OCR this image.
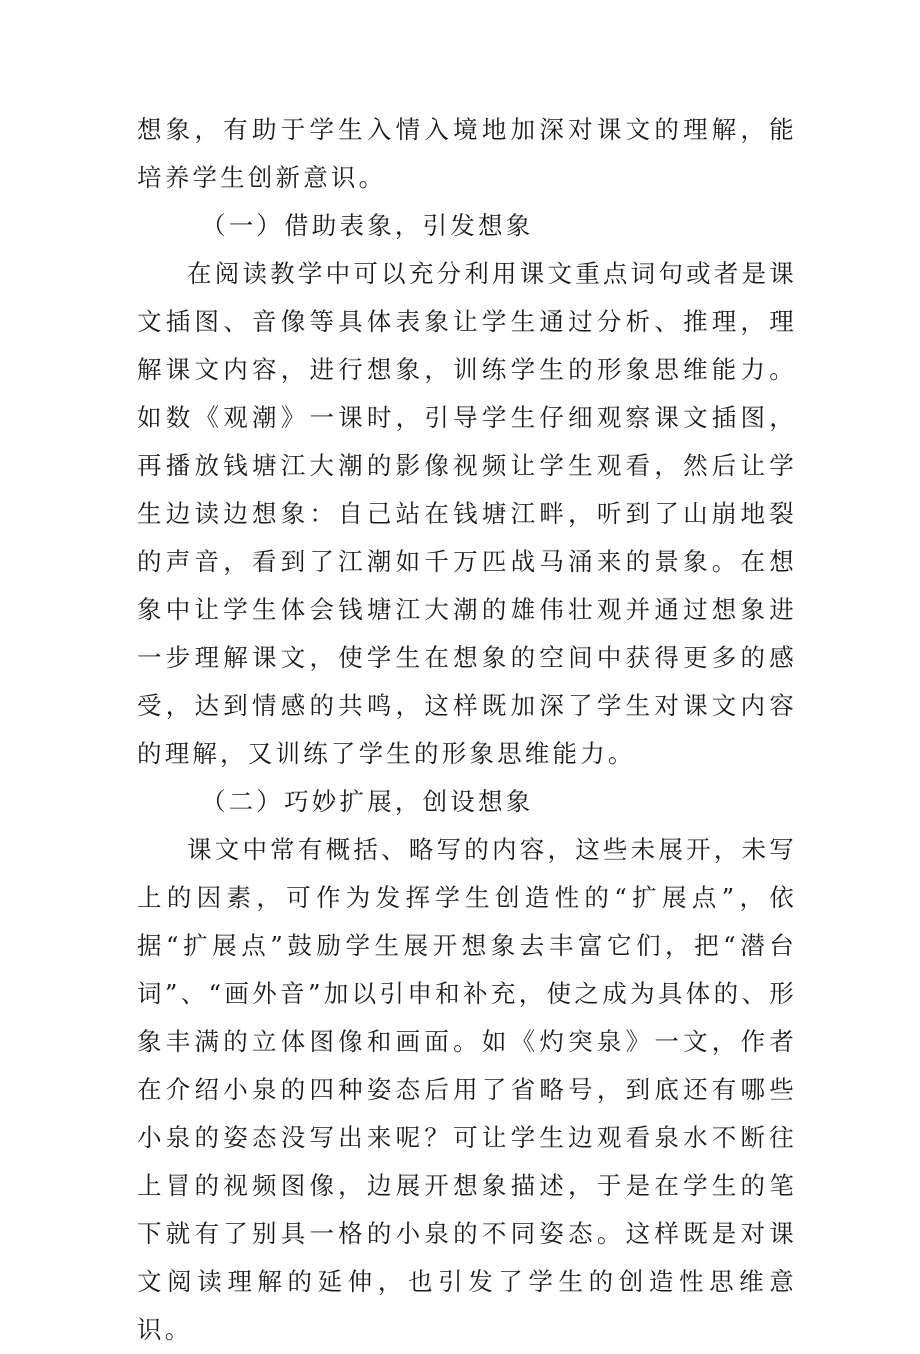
想象，有助于学生入情入境地加深对课文的理解，能培养学生创新意识。

（一）借助表象，引发想象

在阅读教学中可以充分利用课文重点词句或者是课文插图、音像等具体表象让学生通过分析、推理，理解课文内容，进行想象，训练学生的形象思维能力。如数《观潮》一课时，引导学生仔细观察课文插图，再播放钱塘江大潮的影像视频让学生观看，然后让学生边读边想象：自己站在钱塘江畔，听到了山崩地裂的声音，看到了江潮如千万匹战马涌来的景象。在想象中让学生体会钱塘江大潮的雄伟壮观并通过想象进一步理解课文，使学生在想象的空间中获得更多的感受，达到情感的共鸣，这样既加深了学生对课文内容的理解，又训练了学生的形象思维能力。

（二）巧妙扩展，创设想象

课文中常有概括、略写的内容，这些未展开，未写上的因素，可作为发挥学生创造性的“扩展点”，依据“扩展点”鼓励学生展开想象去丰富它们，把“潜台词”、“画外音”加以引申和补充，使之成为具体的、形象丰满的立体图像和画面。如《灼突泉》一文，作者在介绍小泉的四种姿态后用了省略号，到底还有哪些小泉的姿态没写出来呢？可让学生边观看泉水不断往上冒的视频图像，边展开想象描述，于是在学生的笔下就有了别具一格的小泉的不同姿态。这样既是对课文阅读理解的延伸，也引发了学生的创造性思维意识。
